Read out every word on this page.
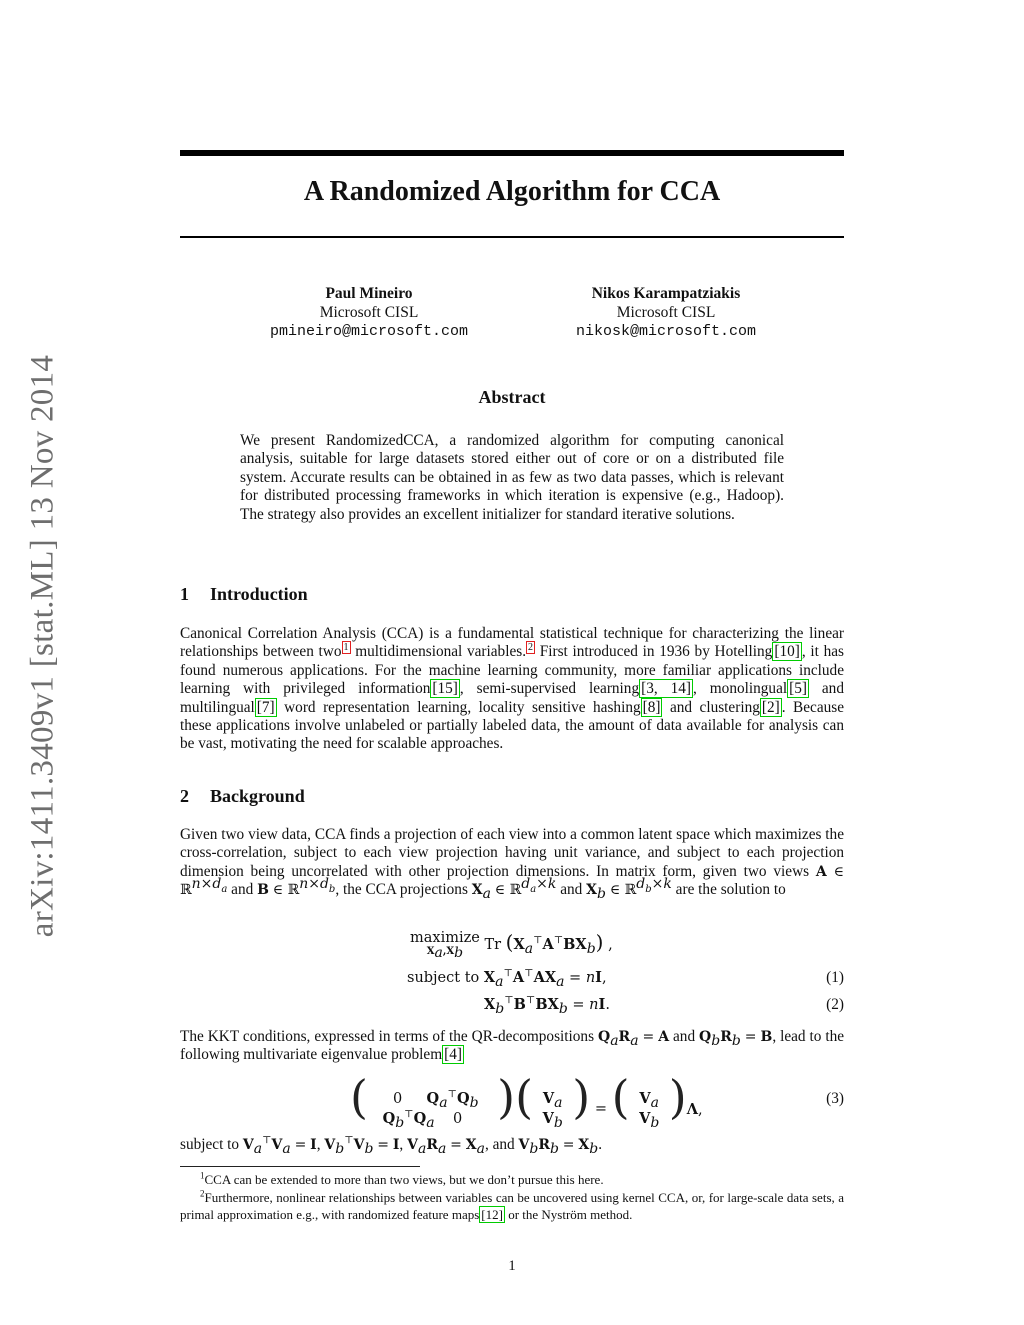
arXiv:1411.3409v1 [stat.ML] 13 Nov 2014
A Randomized Algorithm for CCA
Paul Mineiro
Microsoft CISL
pmineiro@microsoft.com
Nikos Karampatziakis
Microsoft CISL
nikosk@microsoft.com
Abstract
We present RandomizedCCA, a randomized algorithm for computing canonical analysis, suitable for large datasets stored either out of core or on a distributed file system. Accurate results can be obtained in as few as two data passes, which is relevant for distributed processing frameworks in which iteration is expensive (e.g., Hadoop). The strategy also provides an excellent initializer for standard iterative solutions.
1 Introduction
Canonical Correlation Analysis (CCA) is a fundamental statistical technique for characterizing the linear relationships between two $^1$ multidimensional variables. $^2$ First introduced in 1936 by Hotelling [10] , it has found numerous applications. For the machine learning community, more familiar applications include learning with privileged information [15] , semi-supervised learning [3, 14] , monolingual [5] and multilingual [7] word representation learning, locality sensitive hashing [8] and clustering [2] . Because these applications involve unlabeled or partially labeled data, the amount of data available for analysis can be vast, motivating the need for scalable approaches.
2 Background
Given two view data, CCA finds a projection of each view into a common latent space which maximizes the cross-correlation, subject to each view projection having unit variance, and subject to each projection dimension being uncorrelated with other projection dimensions. In matrix form, given two views A ∈ ℝ$^{n\times d_a}$ and B ∈ ℝ$^{n\times d_b}$, the CCA projections $X_a$ ∈ ℝ$^{d_a\times k}$ and $X_b$ ∈ ℝ$^{d_b\times k}$ are the solution to
maximize
$^{X_a,X_b}$ Tr $(X_a^⊤A^⊤BX_b)$ ,
subject to $X_a^⊤A^⊤AX_a$ = nI,	(1)
$X_b^⊤B^⊤BX_b$ = nI.	(2)
The KKT conditions, expressed in terms of the QR-decompositions $Q_aR_a = A$ and $Q_bR_b = B$, lead to the following multivariate eigenvalue problem [4]
(	0 $Q_a^⊤Q_b$
$Q_b^⊤Q_a$ 0 )( $V_a$
$V_b$ ) = ( $V_a$
$V_b$ )Λ,
(3)
subject to $V_a^⊤V_a = I$, $V_b^⊤V_b = I$, $V_aR_a = X_a$, and $V_bR_b = X_b$.
$^1$CCA can be extended to more than two views, but we don’t pursue this here.
$^2$Furthermore, nonlinear relationships between variables can be uncovered using kernel CCA, or, for large-scale data sets, a primal approximation e.g., with randomized feature maps [12] or the Nyström method.
1
